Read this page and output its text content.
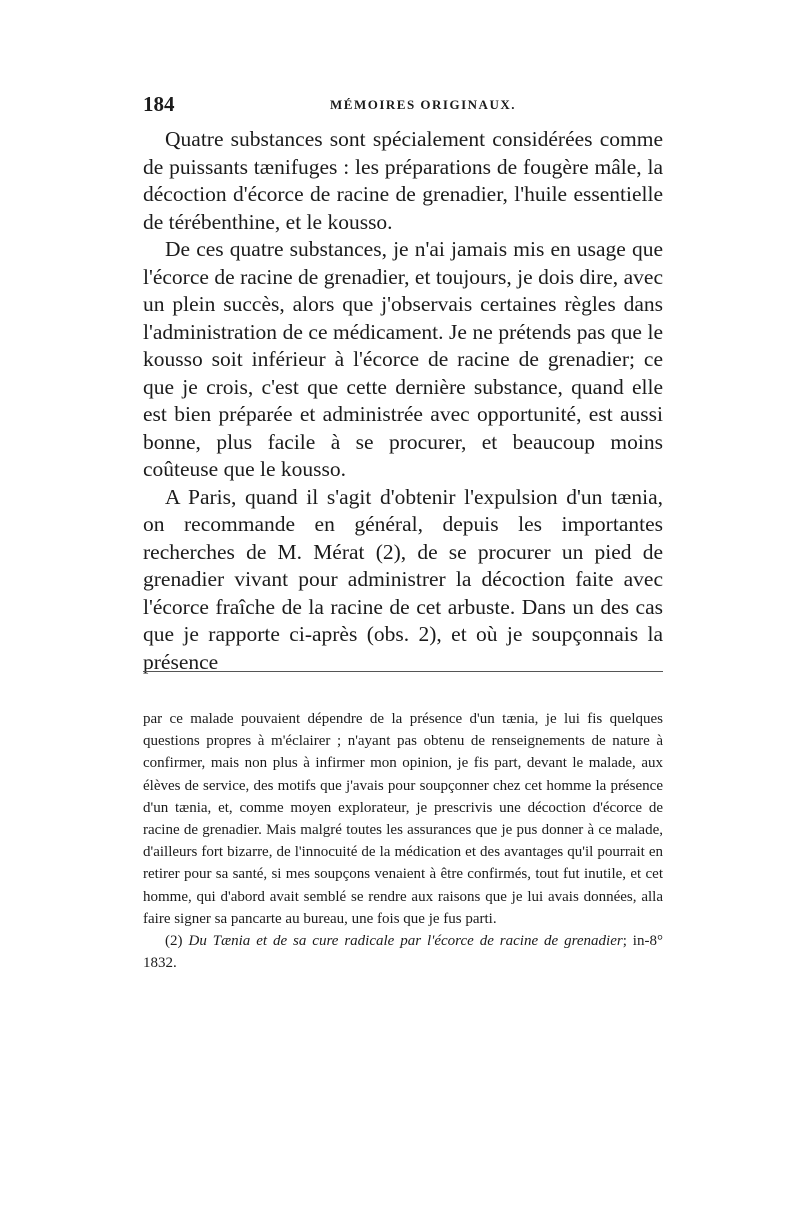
184	MÉMOIRES ORIGINAUX.

Quatre substances sont spécialement considérées comme de puissants tænifuges : les préparations de fougère mâle, la décoction d'écorce de racine de grenadier, l'huile essentielle de térébenthine, et le kousso.

De ces quatre substances, je n'ai jamais mis en usage que l'écorce de racine de grenadier, et toujours, je dois dire, avec un plein succès, alors que j'observais certaines règles dans l'administration de ce médicament. Je ne prétends pas que le kousso soit inférieur à l'écorce de racine de grenadier; ce que je crois, c'est que cette dernière substance, quand elle est bien préparée et administrée avec opportunité, est aussi bonne, plus facile à se procurer, et beaucoup moins coûteuse que le kousso.

A Paris, quand il s'agit d'obtenir l'expulsion d'un tænia, on recommande en général, depuis les importantes recherches de M. Mérat (2), de se procurer un pied de grenadier vivant pour administrer la décoction faite avec l'écorce fraîche de la racine de cet arbuste. Dans un des cas que je rapporte ci-après (obs. 2), et où je soupçonnais la présence

par ce malade pouvaient dépendre de la présence d'un tænia, je lui fis quelques questions propres à m'éclairer ; n'ayant pas obtenu de renseignements de nature à confirmer, mais non plus à infirmer mon opinion, je fis part, devant le malade, aux élèves de service, des motifs que j'avais pour soupçonner chez cet homme la présence d'un tænia, et, comme moyen explorateur, je prescrivis une décoction d'écorce de racine de grenadier. Mais malgré toutes les assurances que je pus donner à ce malade, d'ailleurs fort bizarre, de l'innocuité de la médication et des avantages qu'il pourrait en retirer pour sa santé, si mes soupçons venaient à être confirmés, tout fut inutile, et cet homme, qui d'abord avait semblé se rendre aux raisons que je lui avais données, alla faire signer sa pancarte au bureau, une fois que je fus parti.

(2) Du Tænia et de sa cure radicale par l'écorce de racine de grenadier; in-8° 1832.
